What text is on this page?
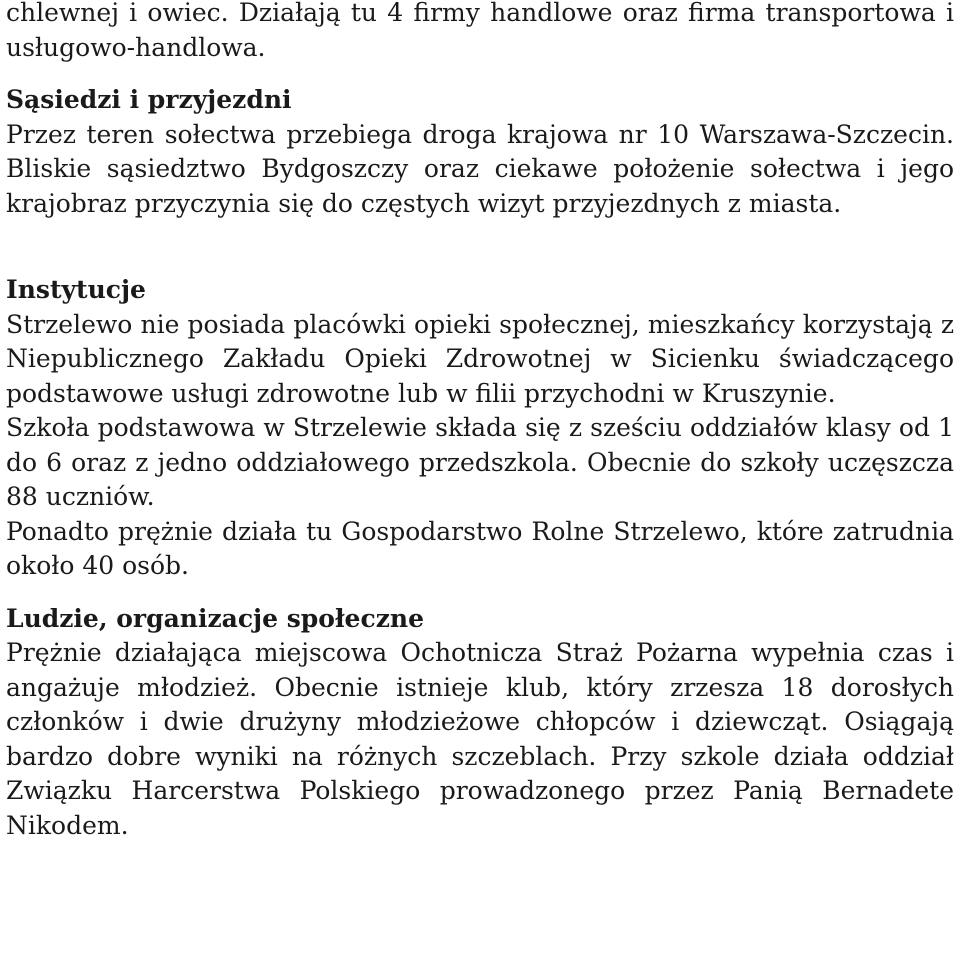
chlewnej i owiec. Działają tu 4 firmy handlowe oraz firma transportowa i usługowo-handlowa.

Sąsiedzi i przyjezdni

Przez teren sołectwa przebiega droga krajowa nr 10 Warszawa-Szczecin. Bliskie sąsiedztwo Bydgoszczy oraz ciekawe położenie sołectwa i jego krajobraz przyczynia się do częstych wizyt przyjezdnych z miasta.

Instytucje

Strzelewo nie posiada placówki opieki społecznej, mieszkańcy korzystają z Niepublicznego Zakładu Opieki Zdrowotnej w Sicienku świadczącego podstawowe usługi zdrowotne lub w filii przychodni w Kruszynie.

Szkoła podstawowa w Strzelewie składa się z sześciu oddziałów klasy od 1 do 6 oraz z jedno oddziałowego przedszkola. Obecnie do szkoły uczęszcza 88 uczniów.

Ponadto prężnie działa tu Gospodarstwo Rolne Strzelewo, które zatrudnia około 40 osób.

Ludzie, organizacje społeczne

Prężnie działająca miejscowa Ochotnicza Straż Pożarna wypełnia czas i angażuje młodzież. Obecnie istnieje klub, który zrzesza 18 dorosłych członków i dwie drużyny młodzieżowe chłopców i dziewcząt. Osiągają bardzo dobre wyniki na różnych szczeblach. Przy szkole działa oddział Związku Harcerstwa Polskiego prowadzonego przez Panią Bernadete Nikodem.
